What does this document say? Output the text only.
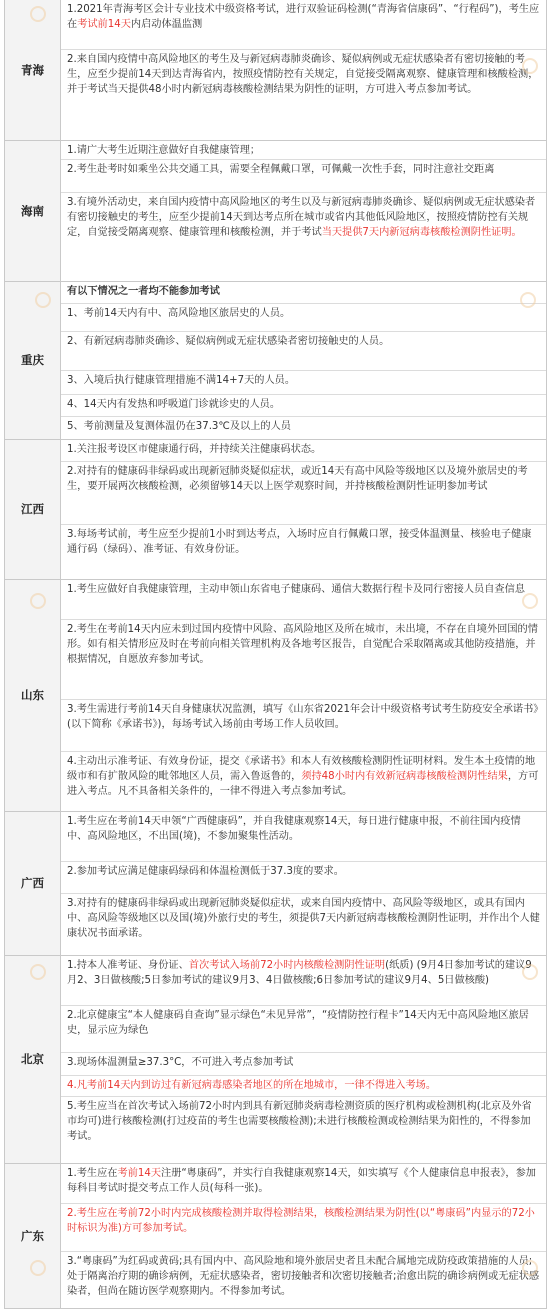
青海
1.2021年青海考区会计专业技术中级资格考试，进行双验证码检测(“青海省信康码”、“行程码”)，考生应在考试前14天内启动体温监测
2.来自国内疫情中高风险地区的考生及与新冠病毒肺炎确诊、疑似病例或无症状感染者有密切接触的考生，应至少提前14天到达青海省内，按照疫情防控有关规定，自觉接受隔离观察、健康管理和核酸检测，并于考试当天提供48小时内新冠病毒核酸检测结果为阴性的证明，方可进入考点参加考试。
海南
1.请广大考生近期注意做好自我健康管理；
2.考生赴考时如乘坐公共交通工具，需要全程佩戴口罩，可佩戴一次性手套，同时注意社交距离
3.有境外活动史，来自国内疫情中高风险地区的考生以及与新冠病毒肺炎确诊、疑似病例或无症状感染者有密切接触史的考生，应至少提前14天到达考点所在城市或省内其他低风险地区，按照疫情防控有关规定，自觉接受隔离观察、健康管理和核酸检测，并于考试当天提供7天内新冠病毒核酸检测阴性证明。
重庆
有以下情况之一者均不能参加考试
1、考前14天内有中、高风险地区旅居史的人员。
2、有新冠病毒肺炎确诊、疑似病例或无症状感染者密切接触史的人员。
3、入境后执行健康管理措施不满14+7天的人员。
4、14天内有发热和呼吸道门诊就诊史的人员。
5、考前测量及复测体温仍在37.3℃及以上的人员
江西
1.关注报考设区市健康通行码，并持续关注健康码状态。
2.对持有的健康码非绿码或出现新冠肺炎疑似症状，或近14天有高中风险等级地区以及境外旅居史的考生，要开展两次核酸检测，必须留够14天以上医学观察时间，并持核酸检测阴性证明参加考试
3.每场考试前，考生应至少提前1小时到达考点，入场时应自行佩戴口罩，接受体温测量、核验电子健康通行码（绿码）、准考证、有效身份证。
山东
1.考生应做好自我健康管理，主动申领山东省电子健康码、通信大数据行程卡及同行密接人员自查信息
2.考生在考前14天内应未到过国内疫情中风险、高风险地区及所在城市，未出境，不存在自境外回国的情形。如有相关情形应及时在考前向相关管理机构及各地考区报告，自觉配合采取隔离或其他防疫措施，并根据情况，自愿放弃参加考试。
3.考生需进行考前14天自身健康状况监测，填写《山东省2021年会计中级资格考试考生防疫安全承诺书》(以下简称《承诺书》)，每场考试入场前由考场工作人员收回。
4.主动出示准考证、有效身份证，提交《承诺书》和本人有效核酸检测阴性证明材料。发生本土疫情的地级市和有扩散风险的毗邻地区人员，需入鲁返鲁的，须持48小时内有效新冠病毒核酸检测阴性结果，方可进入考点。凡不具备相关条件的，一律不得进入考点参加考试。
广西
1.考生应在考前14天申领“广西健康码”，并自我健康观察14天，每日进行健康申报，不前往国内疫情中、高风险地区，不出国(境)，不参加聚集性活动。
2.参加考试应满足健康码绿码和体温检测低于37.3度的要求。
3.对持有的健康码非绿码或出现新冠肺炎疑似症状，或来自国内疫情中、高风险等级地区，或具有国内中、高风险等级地区以及国(境)外旅行史的考生，须提供7天内新冠病毒核酸检测阴性证明，并作出个人健康状况书面承诺。
北京
1.持本人准考证、身份证、首次考试入场前72小时内核酸检测阴性证明(纸质) (9月4日参加考试的建议9月2、3日做核酸;5日参加考试的建议9月3、4日做核酸;6日参加考试的建议9月4、5日做核酸)
2.北京健康宝“本人健康码自查询”显示绿色“未见异常”，“疫情防控行程卡”14天内无中高风险地区旅居史，显示应为绿色
3.现场体温测量≥37.3°C，不可进入考点参加考试
4.凡考前14天内到访过有新冠病毒感染者地区的所在地城市，一律不得进入考场。
5.考生应当在首次考试入场前72小时内到具有新冠肺炎病毒检测资质的医疗机构或检测机构(北京及外省市均可)进行核酸检测(打过疫苗的考生也需要核酸检测);未进行核酸检测或检测结果为阳性的，不得参加考试。
广东
1.考生应在考前14天注册“粤康码”，并实行自我健康观察14天，如实填写《个人健康信息申报表》，参加每科目考试时提交考点工作人员(每科一张)。
2.考生应在考前72小时内完成核酸检测并取得检测结果，核酸检测结果为阴性(以“粤康码”内显示的72小时标识为准)方可参加考试。
3.“粤康码”为红码或黄码;具有国内中、高风险地和境外旅居史者且未配合属地完成防疫政策措施的人员;处于隔离治疗期的确诊病例，无症状感染者，密切接触者和次密切接触者;治愈出院的确诊病例或无症状感染者，但尚在随访医学观察期内。不得参加考试。
